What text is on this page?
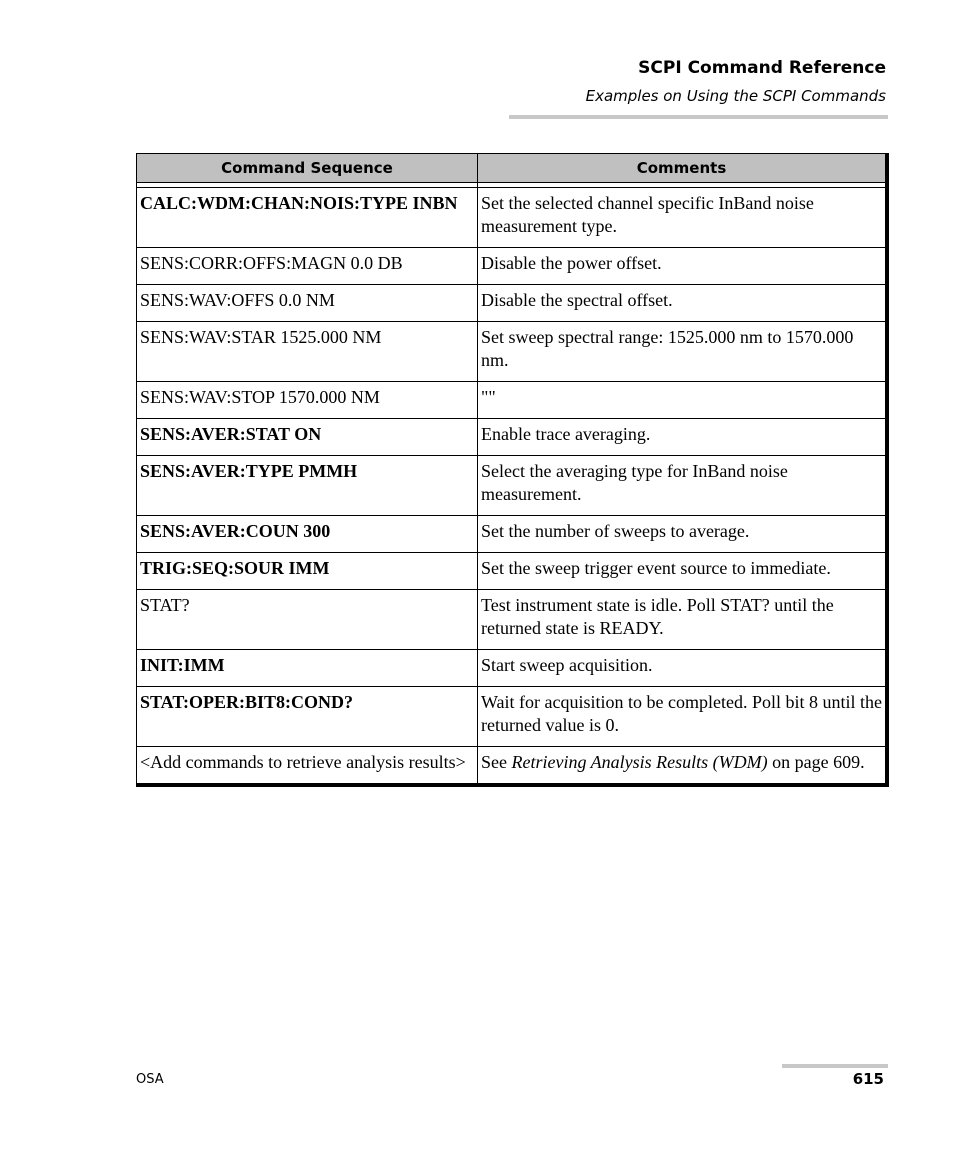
SCPI Command Reference
Examples on Using the SCPI Commands
Command Sequence	Comments

CALC:WDM:CHAN:NOIS:TYPE INBN	Set the selected channel specific InBand noise measurement type.
SENS:CORR:OFFS:MAGN 0.0 DB	Disable the power offset.
SENS:WAV:OFFS 0.0 NM	Disable the spectral offset.
SENS:WAV:STAR 1525.000 NM	Set sweep spectral range: 1525.000 nm to 1570.000 nm.
SENS:WAV:STOP 1570.000 NM	""
SENS:AVER:STAT ON	Enable trace averaging.
SENS:AVER:TYPE PMMH	Select the averaging type for InBand noise measurement.
SENS:AVER:COUN 300	Set the number of sweeps to average.
TRIG:SEQ:SOUR IMM	Set the sweep trigger event source to immediate.
STAT?	Test instrument state is idle. Poll STAT? until the returned state is READY.
INIT:IMM	Start sweep acquisition.
STAT:OPER:BIT8:COND?	Wait for acquisition to be completed. Poll bit 8 until the returned value is 0.
<Add commands to retrieve analysis results>	See Retrieving Analysis Results (WDM) on page 609.
OSA	615
